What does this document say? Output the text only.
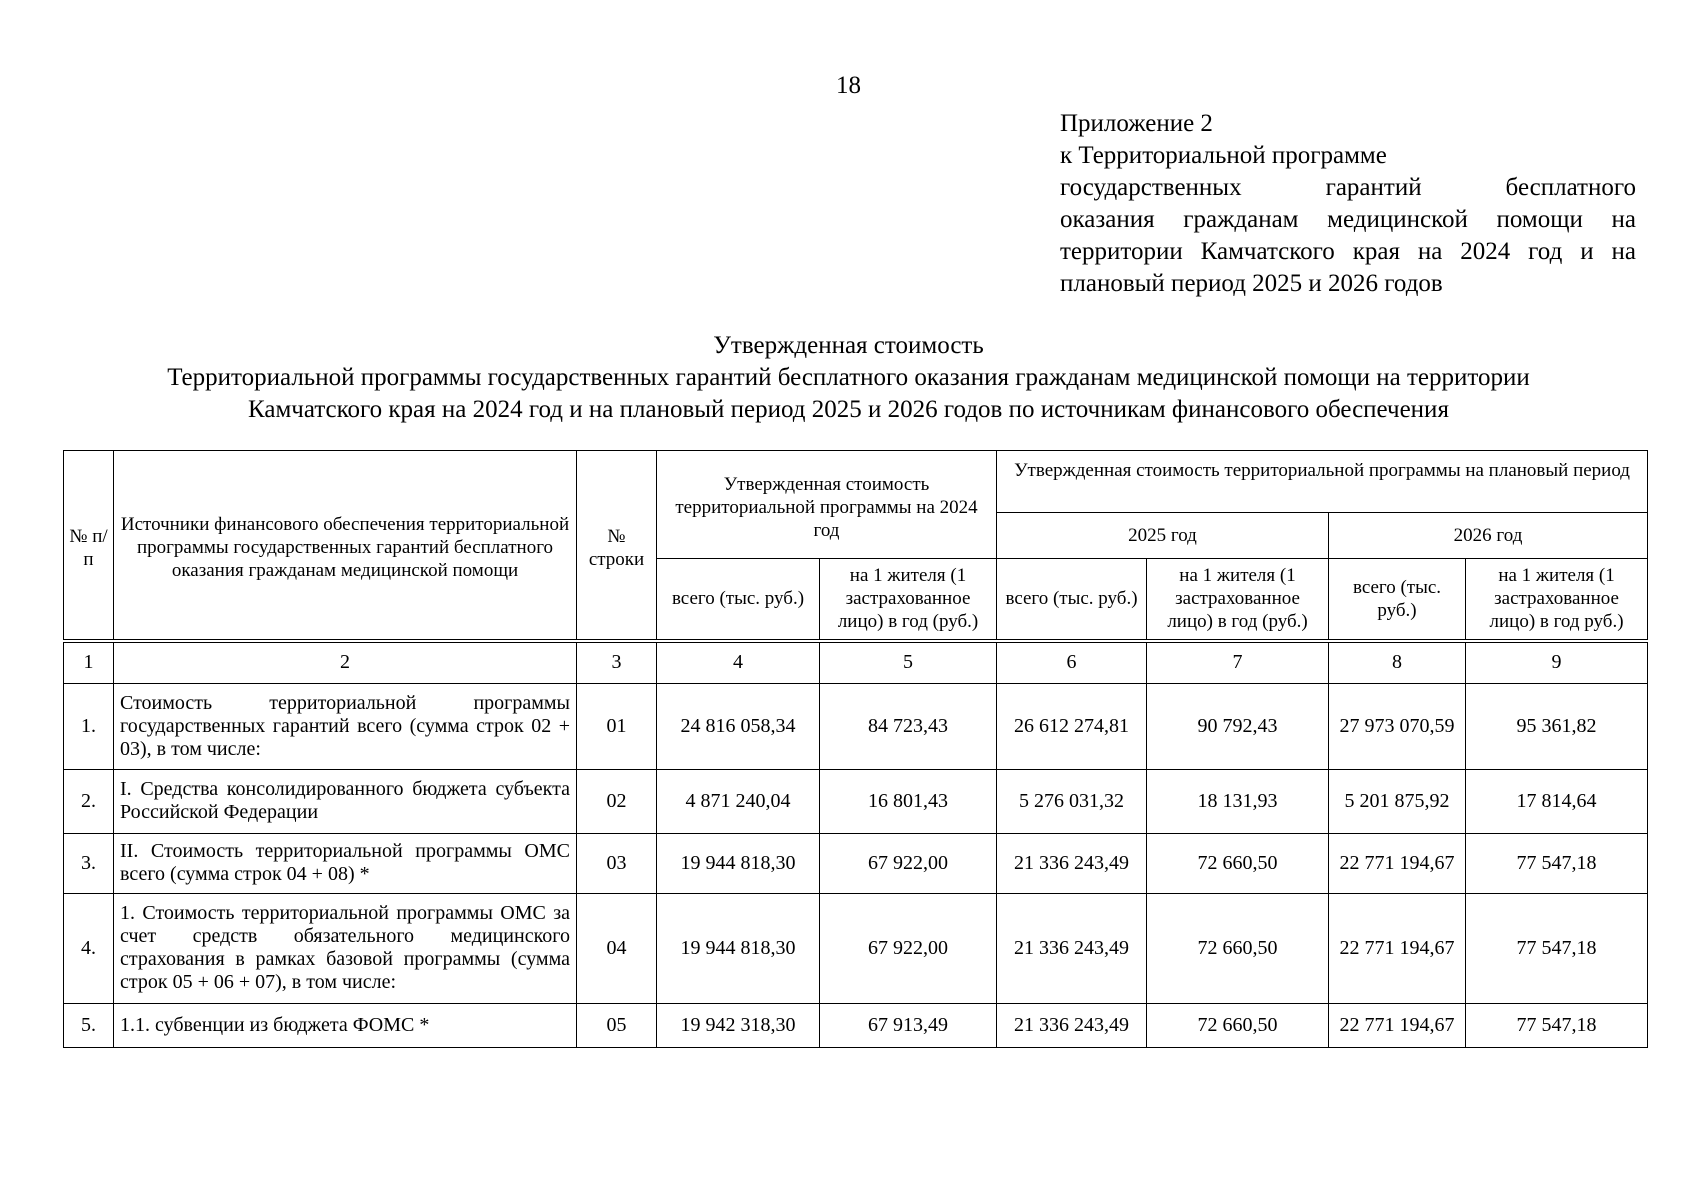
18
Приложение 2
к Территориальной программе
государственных гарантий бесплатного
оказания гражданам медицинской помощи на
территории Камчатского края на 2024 год и на
плановый период 2025 и 2026 годов
Утвержденная стоимость
Территориальной программы государственных гарантий бесплатного оказания гражданам медицинской помощи на территории
Камчатского края на 2024 год и на плановый период 2025 и 2026 годов по источникам финансового обеспечения
№ п/п	Источники финансового обеспечения территориальной программы государственных гарантий бесплатного оказания гражданам медицинской помощи	№ строки	Утвержденная стоимость территориальной программы на 2024 год		Утвержденная стоимость территориальной программы на плановый период			
					2025 год		2026 год	
			всего (тыс. руб.)	на 1 жителя (1 застрахованное лицо) в год (руб.)	всего (тыс. руб.)	на 1 жителя (1 застрахованное лицо) в год (руб.)	всего (тыс. руб.)	на 1 жителя (1 застрахованное лицо) в год руб.)
1	2	3	4	5	6	7	8	9
1.	Стоимость территориальной программы государственных гарантий всего (сумма строк 02 + 03), в том числе:	01	24 816 058,34	84 723,43	26 612 274,81	90 792,43	27 973 070,59	95 361,82
2.	I. Средства консолидированного бюджета субъекта Российской Федерации	02	4 871 240,04	16 801,43	5 276 031,32	18 131,93	5 201 875,92	17 814,64
3.	II. Стоимость территориальной программы ОМС всего (сумма строк 04 + 08) *	03	19 944 818,30	67 922,00	21 336 243,49	72 660,50	22 771 194,67	77 547,18
4.	1. Стоимость территориальной программы ОМС за счет средств обязательного медицинского страхования в рамках базовой программы (сумма строк 05 + 06 + 07), в том числе:	04	19 944 818,30	67 922,00	21 336 243,49	72 660,50	22 771 194,67	77 547,18
5.	1.1. субвенции из бюджета ФОМС *	05	19 942 318,30	67 913,49	21 336 243,49	72 660,50	22 771 194,67	77 547,18
